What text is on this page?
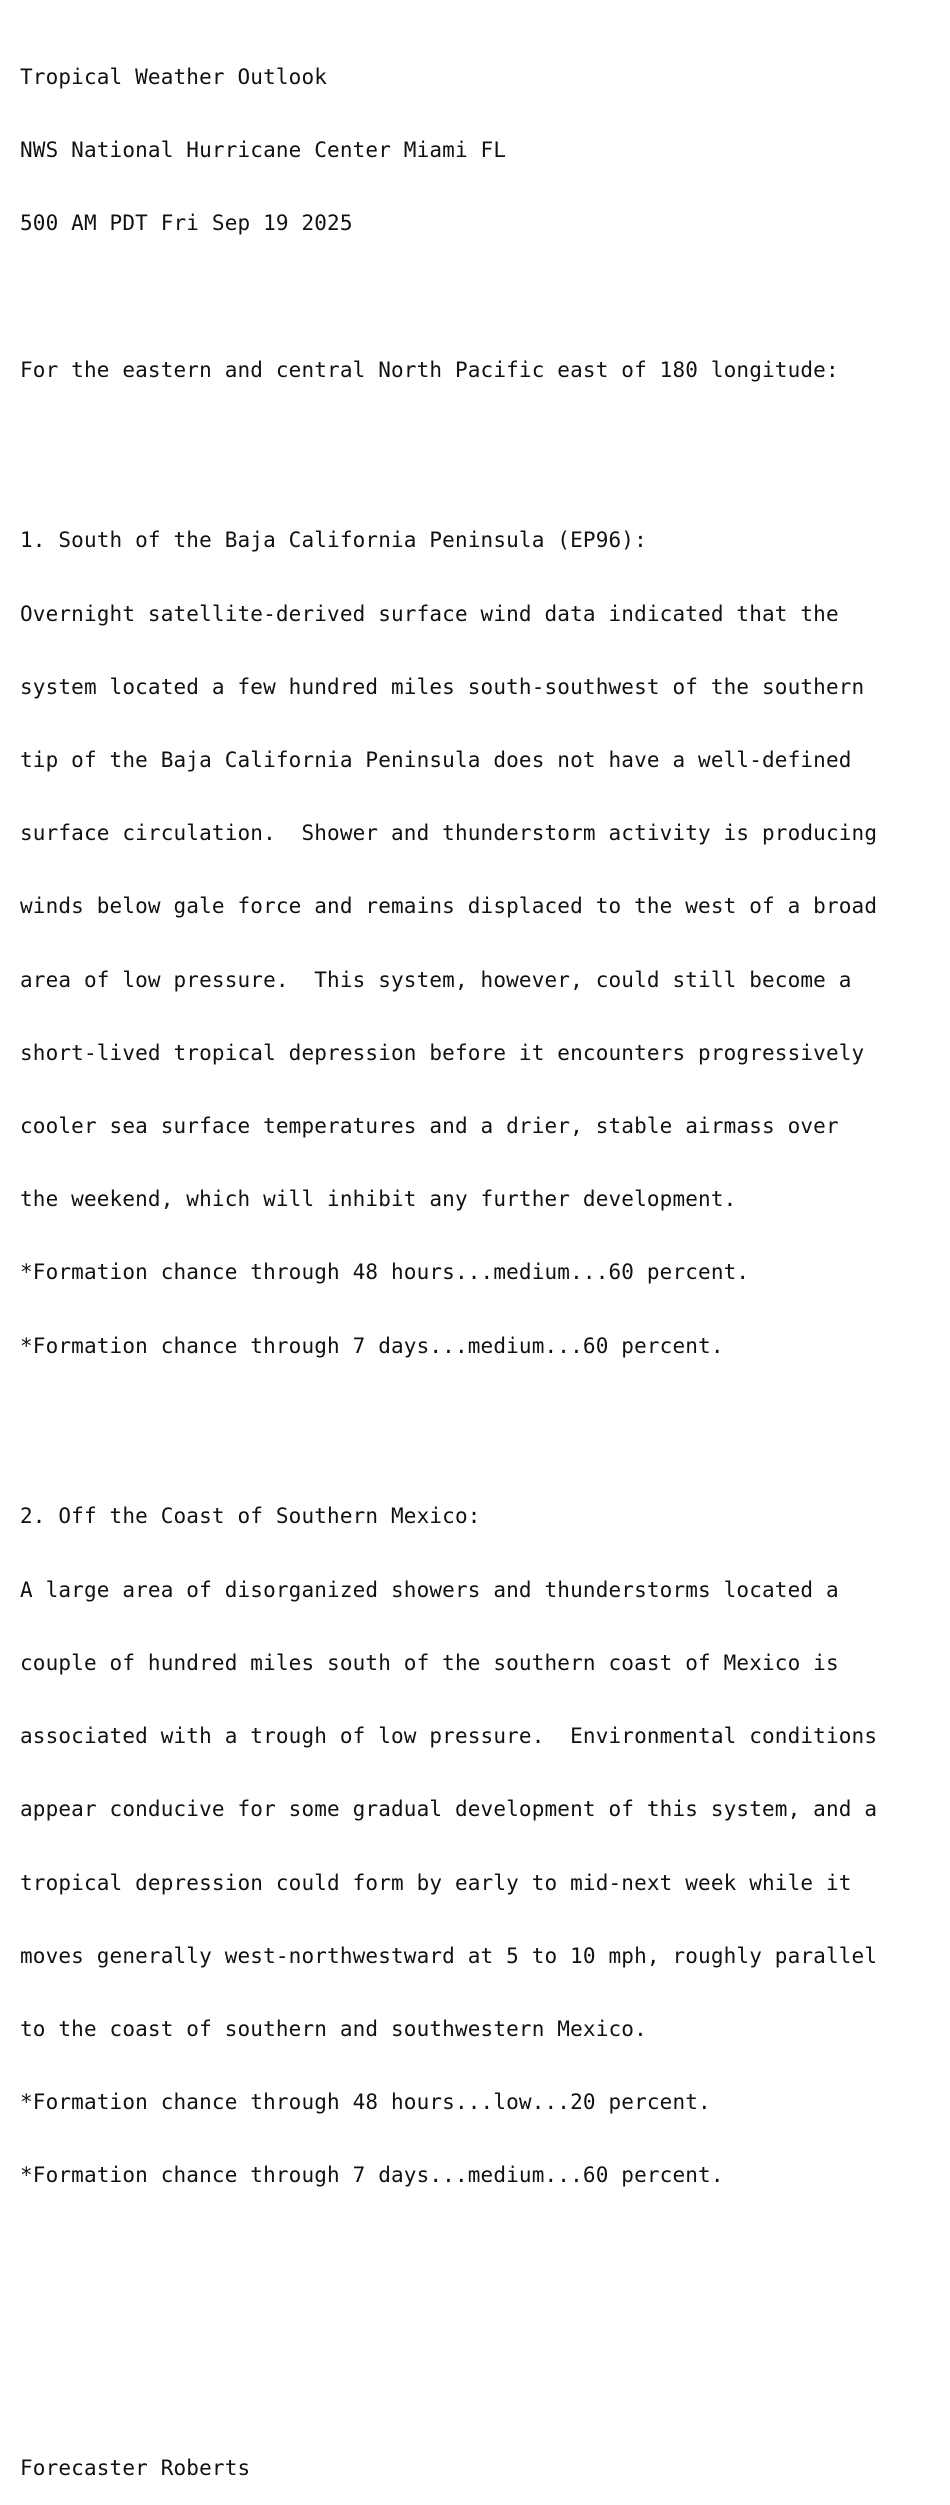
Tropical Weather Outlook

NWS National Hurricane Center Miami FL

500 AM PDT Fri Sep 19 2025

For the eastern and central North Pacific east of 180 longitude:

1. South of the Baja California Peninsula (EP96):

Overnight satellite-derived surface wind data indicated that the

system located a few hundred miles south-southwest of the southern

tip of the Baja California Peninsula does not have a well-defined

surface circulation.  Shower and thunderstorm activity is producing

winds below gale force and remains displaced to the west of a broad

area of low pressure.  This system, however, could still become a

short-lived tropical depression before it encounters progressively

cooler sea surface temperatures and a drier, stable airmass over

the weekend, which will inhibit any further development.

*Formation chance through 48 hours...medium...60 percent.

*Formation chance through 7 days...medium...60 percent.

2. Off the Coast of Southern Mexico:

A large area of disorganized showers and thunderstorms located a

couple of hundred miles south of the southern coast of Mexico is

associated with a trough of low pressure.  Environmental conditions

appear conducive for some gradual development of this system, and a

tropical depression could form by early to mid-next week while it

moves generally west-northwestward at 5 to 10 mph, roughly parallel

to the coast of southern and southwestern Mexico.

*Formation chance through 48 hours...low...20 percent.

*Formation chance through 7 days...medium...60 percent.

Forecaster Roberts
